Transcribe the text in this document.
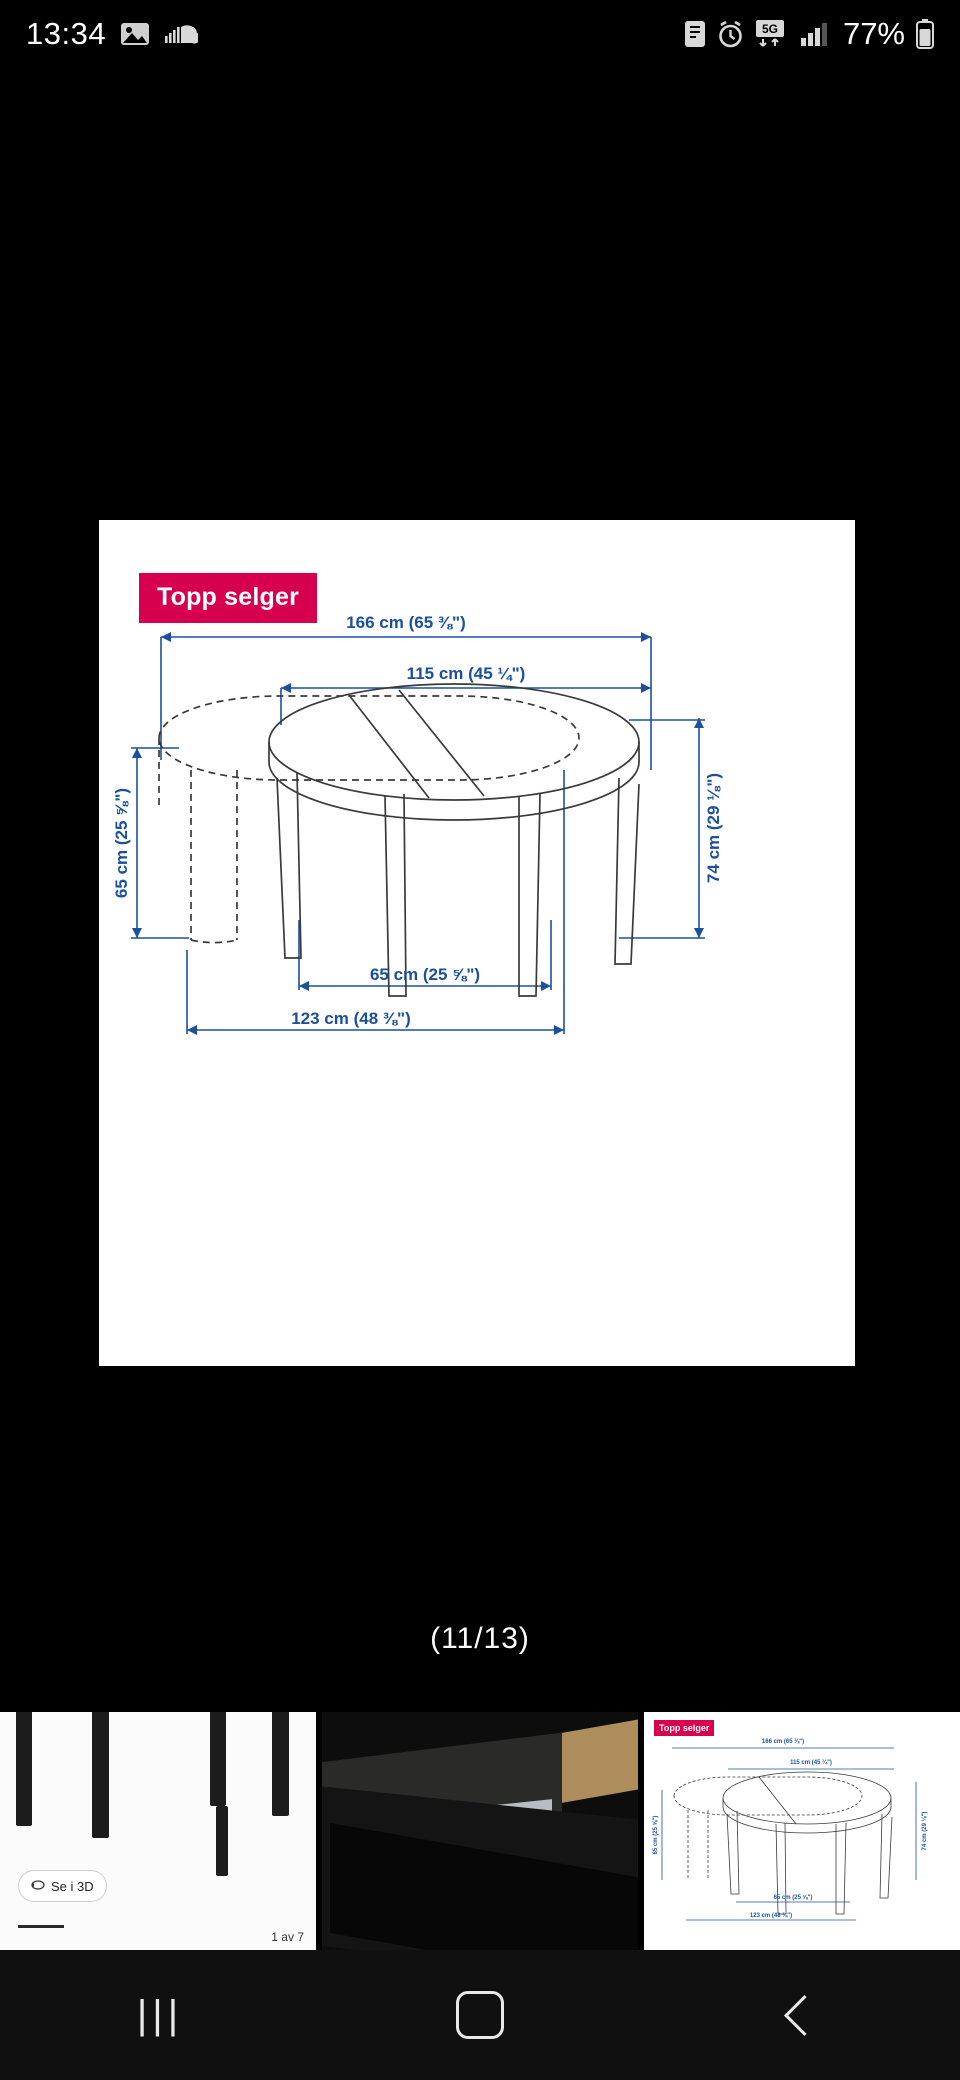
13:34	5G 77%
Topp selger
166 cm (65 ⅜")
115 cm (45 ¼")
65 cm (25 ⅝")	74 cm (29 ⅛")
65 cm (25 ⅝")
123 cm (48 ⅜")
(11/13)
Se i 3D
1 av 7
Topp selger
166 cm (65 ⅜")
115 cm (45 ¼")
65 cm (25 ⅝")	74 cm (29 ⅛")
65 cm (25 ⅝")
123 cm (48 ⅜")
|||
